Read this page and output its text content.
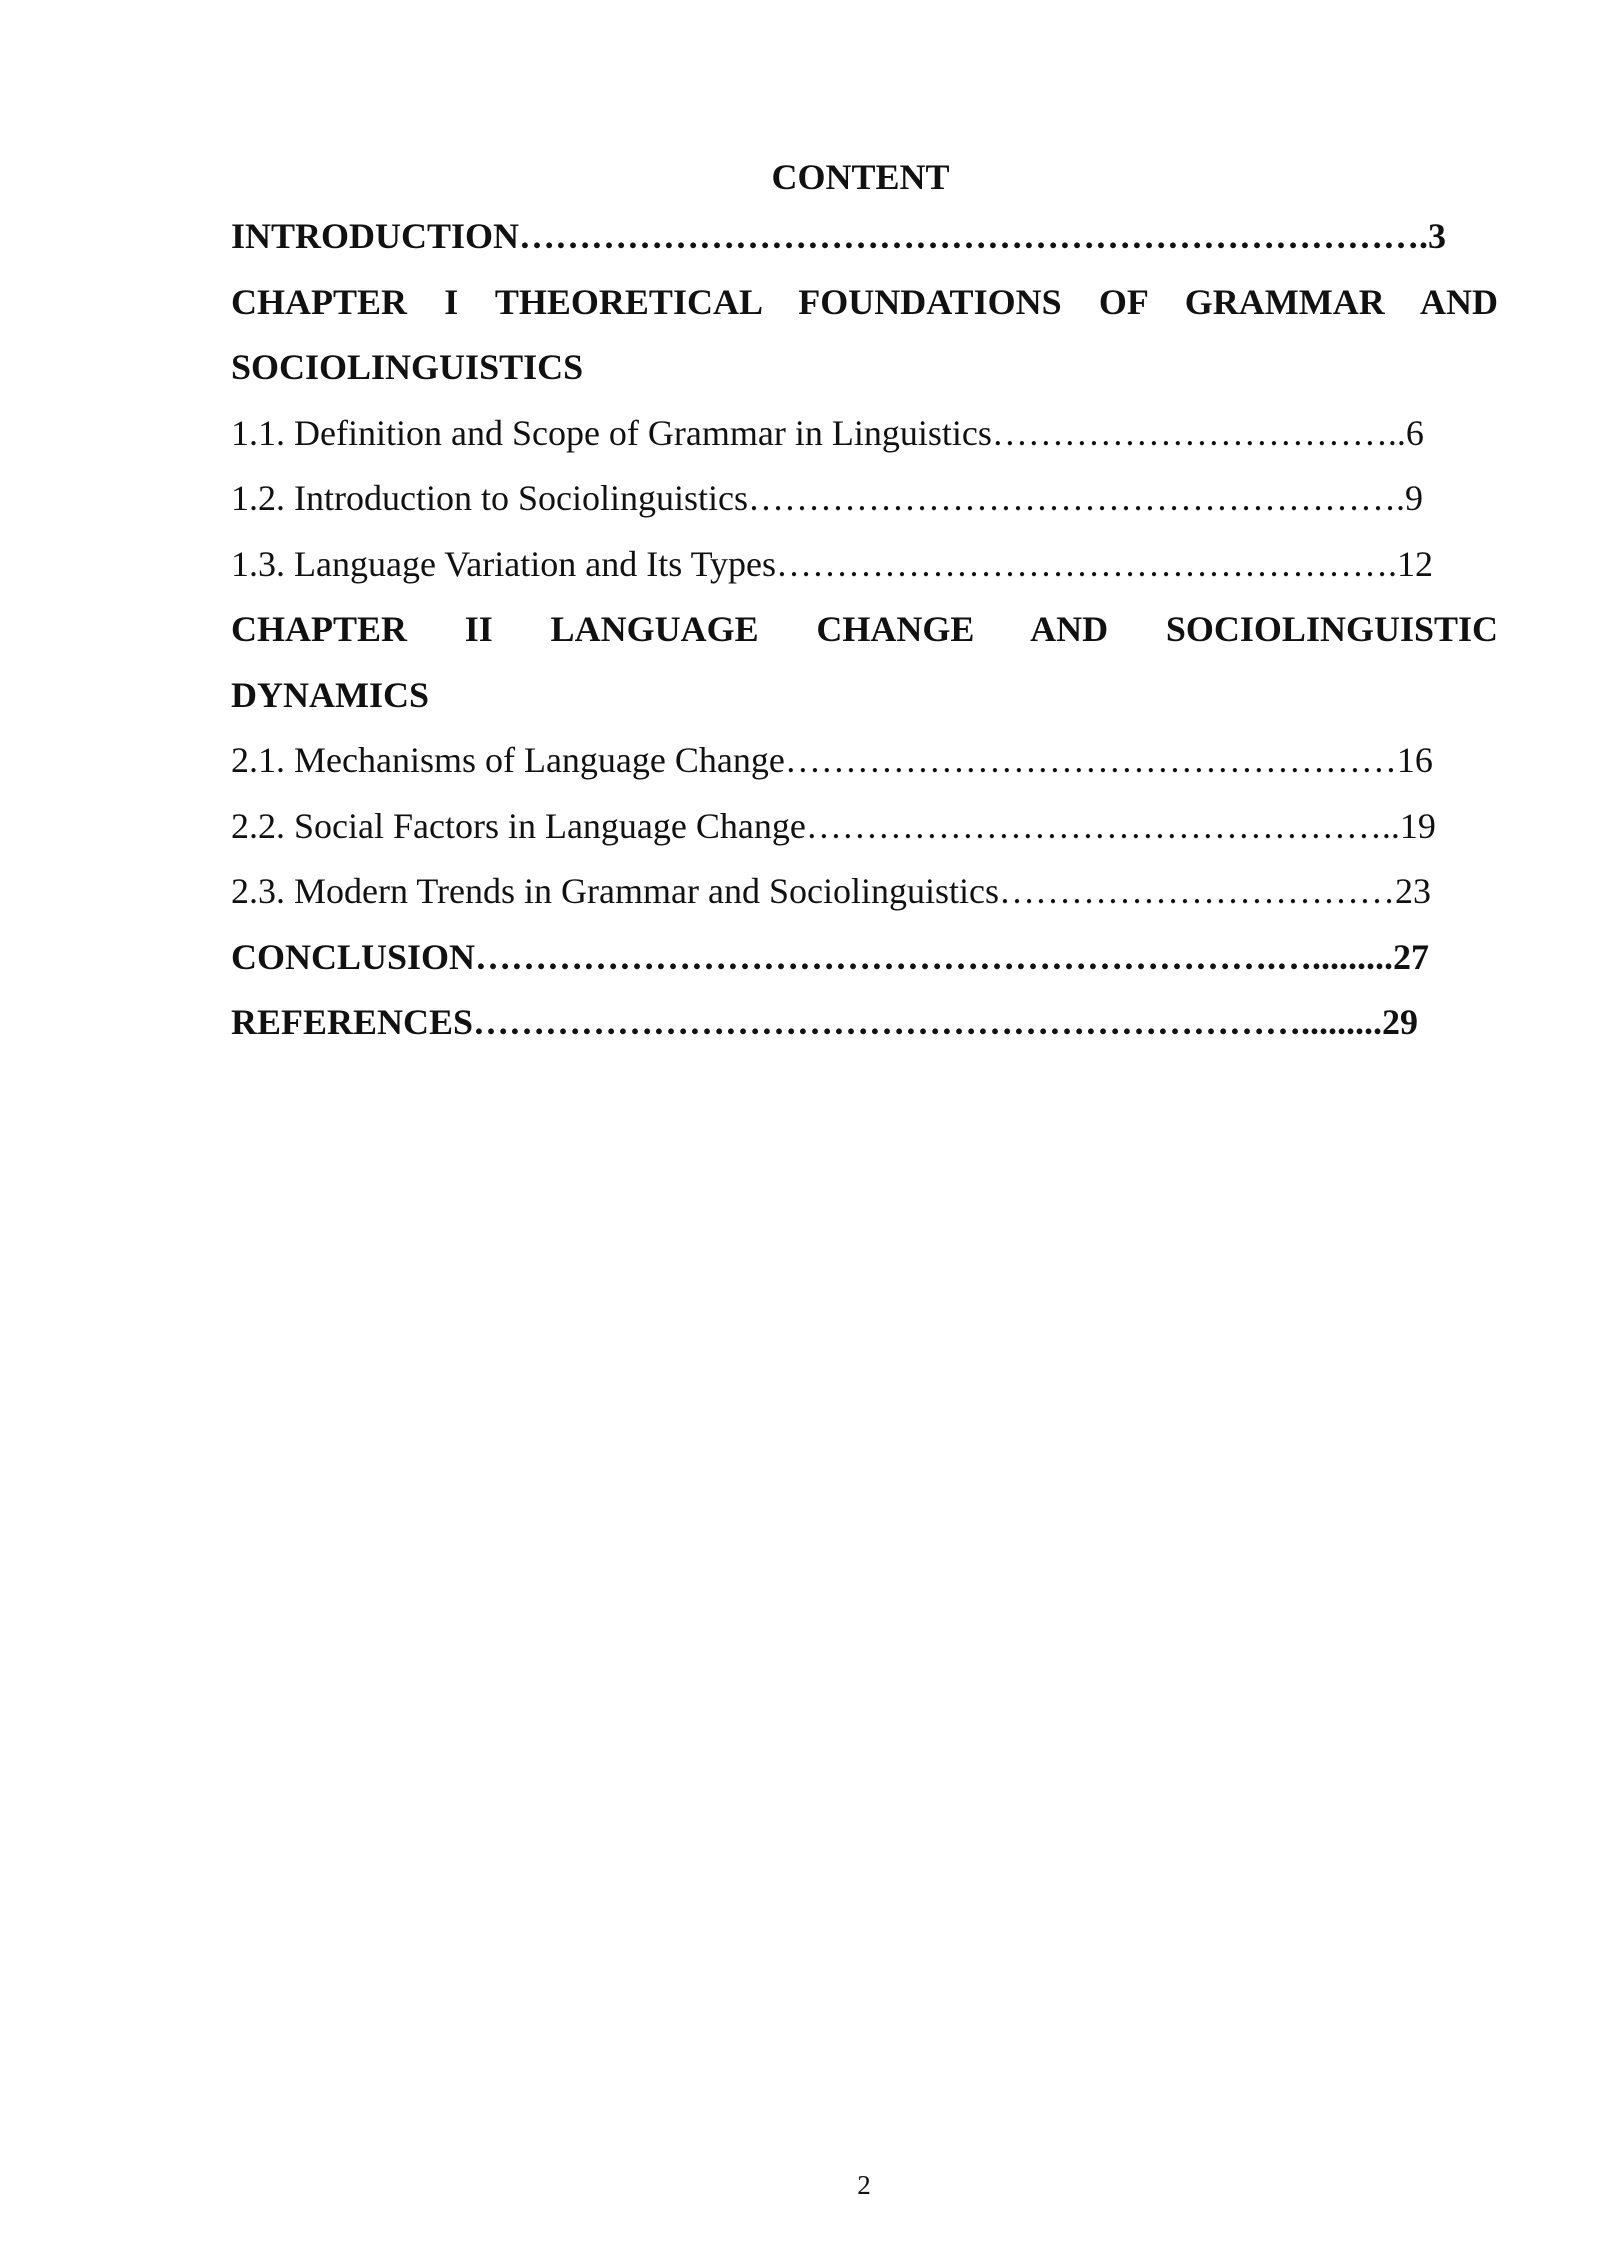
CONTENT
INTRODUCTION………………………………………………………………….3
CHAPTER I THEORETICAL FOUNDATIONS OF GRAMMAR AND
SOCIOLINGUISTICS
1.1. Definition and Scope of Grammar in Linguistics……………………………..6
1.2. Introduction to Sociolinguistics……………………………………………….9
1.3. Language Variation and Its Types…………………………………………….12
CHAPTER II LANGUAGE CHANGE AND SOCIOLINGUISTIC
DYNAMICS
2.1. Mechanisms of Language Change……………………………………………16
2.2. Social Factors in Language Change…………………………………………..19
2.3. Modern Trends in Grammar and Sociolinguistics……………………………23
CONCLUSION………………………………………………………….….........27
REFERENCES…………………………………………………………….........29
2
